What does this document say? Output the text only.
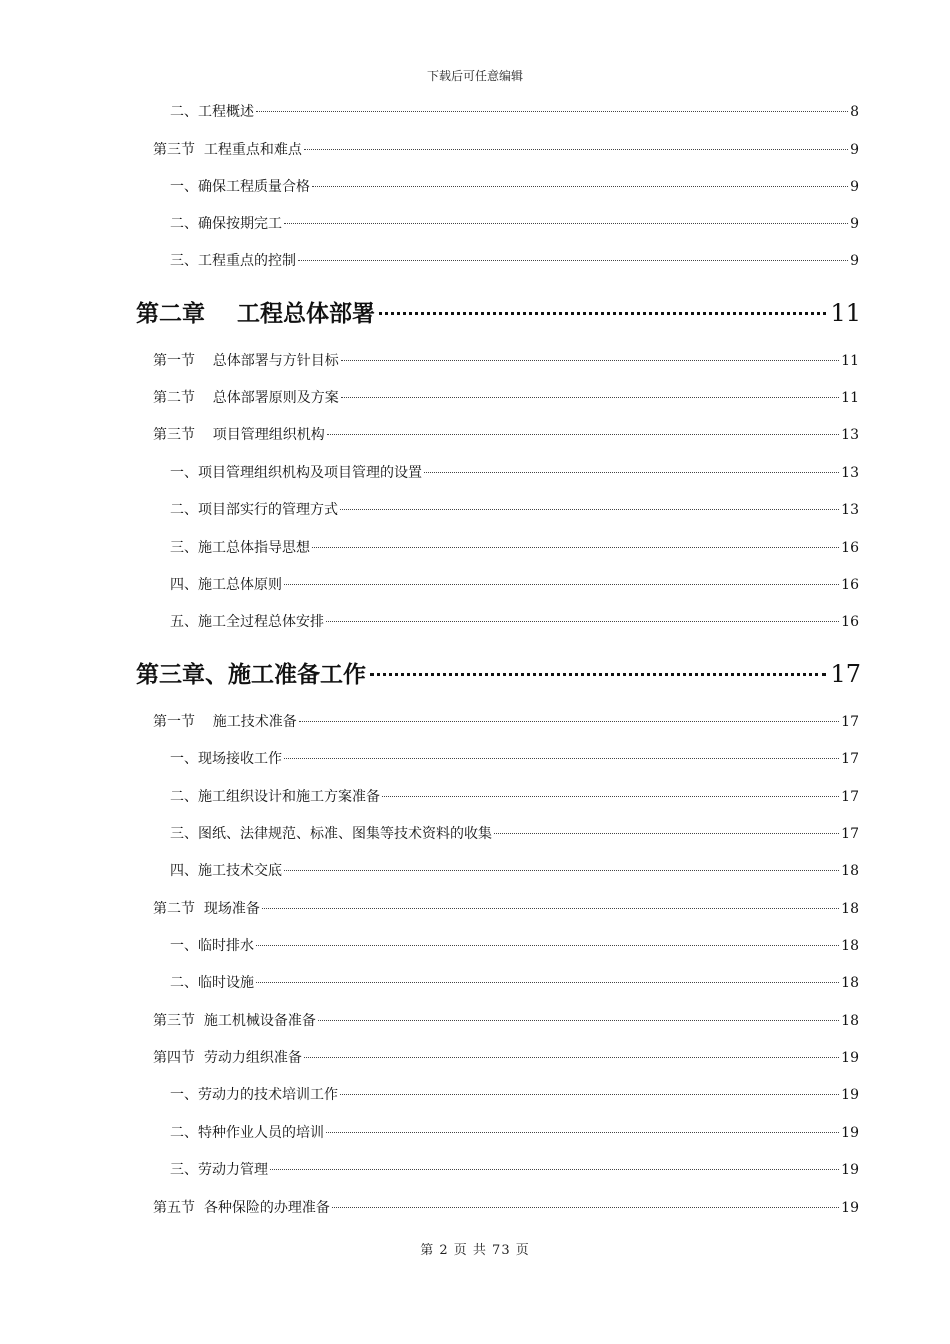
下载后可任意编辑
二、工程概述	8
第三节  工程重点和难点	9
一、确保工程质量合格	9
二、确保按期完工	9
三、工程重点的控制	9
第二章    工程总体部署	11
第一节    总体部署与方针目标	11
第二节    总体部署原则及方案	11
第三节    项目管理组织机构	13
一、项目管理组织机构及项目管理的设置	13
二、项目部实行的管理方式	13
三、施工总体指导思想	16
四、施工总体原则	16
五、施工全过程总体安排	16
第三章、施工准备工作	17
第一节    施工技术准备	17
一、现场接收工作	17
二、施工组织设计和施工方案准备	17
三、图纸、法律规范、标准、图集等技术资料的收集	17
四、施工技术交底	18
第二节  现场准备	18
一、临时排水	18
二、临时设施	18
第三节  施工机械设备准备	18
第四节  劳动力组织准备	19
一、劳动力的技术培训工作	19
二、特种作业人员的培训	19
三、劳动力管理	19
第五节  各种保险的办理准备	19
第 2 页 共 73 页
